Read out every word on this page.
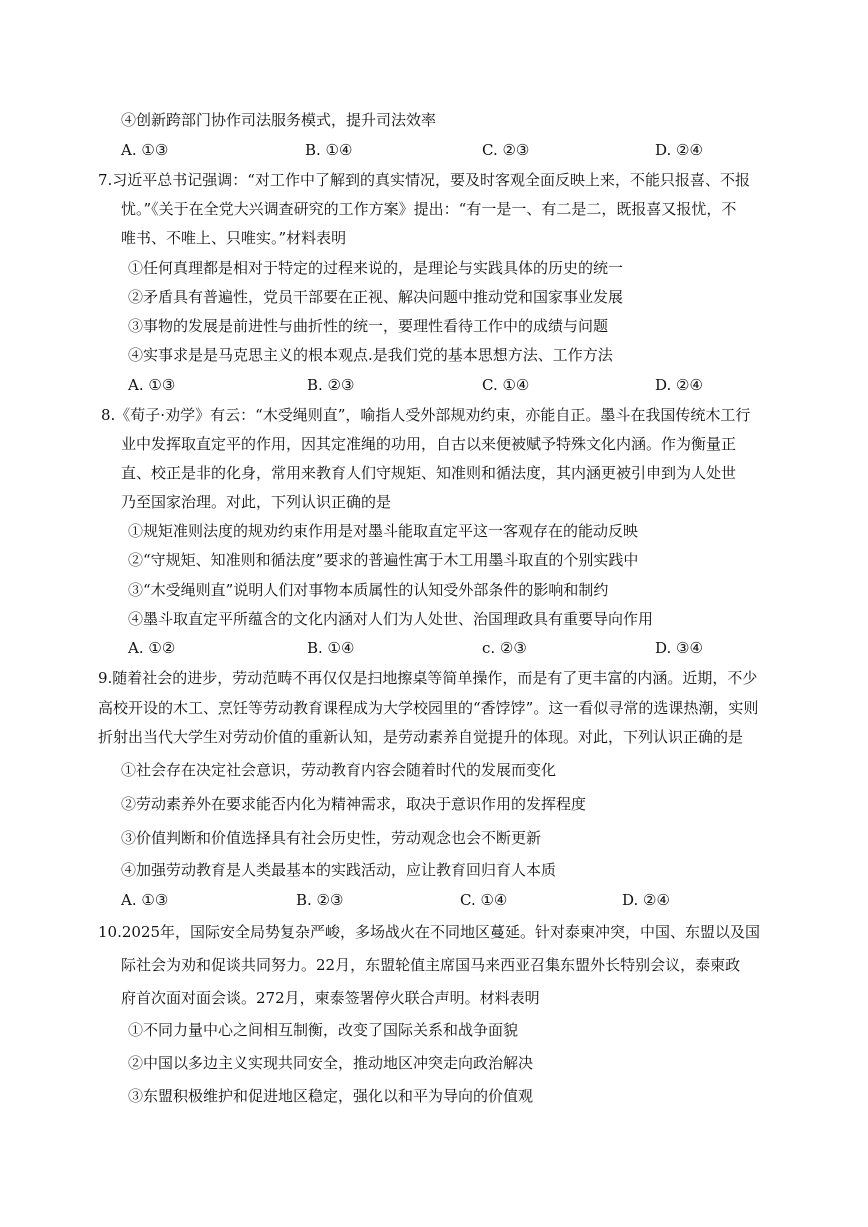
④创新跨部门协作司法服务模式，提升司法效率
A. ①③	B. ①④	C. ②③	D. ②④
7.习近平总书记强调：“对工作中了解到的真实情况，要及时客观全面反映上来，不能只报喜、不报
忧。”《关于在全党大兴调查研究的工作方案》提出：“有一是一、有二是二，既报喜又报忧，不
唯书、不唯上、只唯实。”材料表明
①任何真理都是相对于特定的过程来说的，是理论与实践具体的历史的统一
②矛盾具有普遍性，党员干部要在正视、解决问题中推动党和国家事业发展
③事物的发展是前进性与曲折性的统一，要理性看待工作中的成绩与问题
④实事求是是马克思主义的根本观点.是我们党的基本思想方法、工作方法
A. ①③	B. ②③	C. ①④	D. ②④
8.《荀子·劝学》有云：“木受绳则直”，喻指人受外部规劝约束，亦能自正。墨斗在我国传统木工行
业中发挥取直定平的作用，因其定准绳的功用，自古以来便被赋予特殊文化内涵。作为衡量正
直、校正是非的化身，常用来教育人们守规矩、知准则和循法度，其内涵更被引申到为人处世
乃至国家治理。对此，下列认识正确的是
①规矩准则法度的规劝约束作用是对墨斗能取直定平这一客观存在的能动反映
②“守规矩、知准则和循法度”要求的普遍性寓于木工用墨斗取直的个别实践中
③“木受绳则直”说明人们对事物本质属性的认知受外部条件的影响和制约
④墨斗取直定平所蕴含的文化内涵对人们为人处世、治国理政具有重要导向作用
A. ①②	B. ①④	c. ②③	D. ③④
9.随着社会的进步，劳动范畴不再仅仅是扫地擦桌等简单操作，而是有了更丰富的内涵。近期，不少
高校开设的木工、烹饪等劳动教育课程成为大学校园里的“香饽饽”。这一看似寻常的选课热潮，实则
折射出当代大学生对劳动价值的重新认知，是劳动素养自觉提升的体现。对此，下列认识正确的是
①社会存在决定社会意识，劳动教育内容会随着时代的发展而变化
②劳动素养外在要求能否内化为精神需求，取决于意识作用的发挥程度
③价值判断和价值选择具有社会历史性，劳动观念也会不断更新
④加强劳动教育是人类最基本的实践活动，应让教育回归育人本质
A. ①③	B. ②③	C. ①④	D. ②④
10.2025年，国际安全局势复杂严峻，多场战火在不同地区蔓延。针对泰柬冲突，中国、东盟以及国
际社会为劝和促谈共同努力。22月，东盟轮值主席国马来西亚召集东盟外长特别会议，泰柬政
府首次面对面会谈。272月，柬泰签署停火联合声明。材料表明
①不同力量中心之间相互制衡，改变了国际关系和战争面貌
②中国以多边主义实现共同安全，推动地区冲突走向政治解决
③东盟积极维护和促进地区稳定，强化以和平为导向的价值观
